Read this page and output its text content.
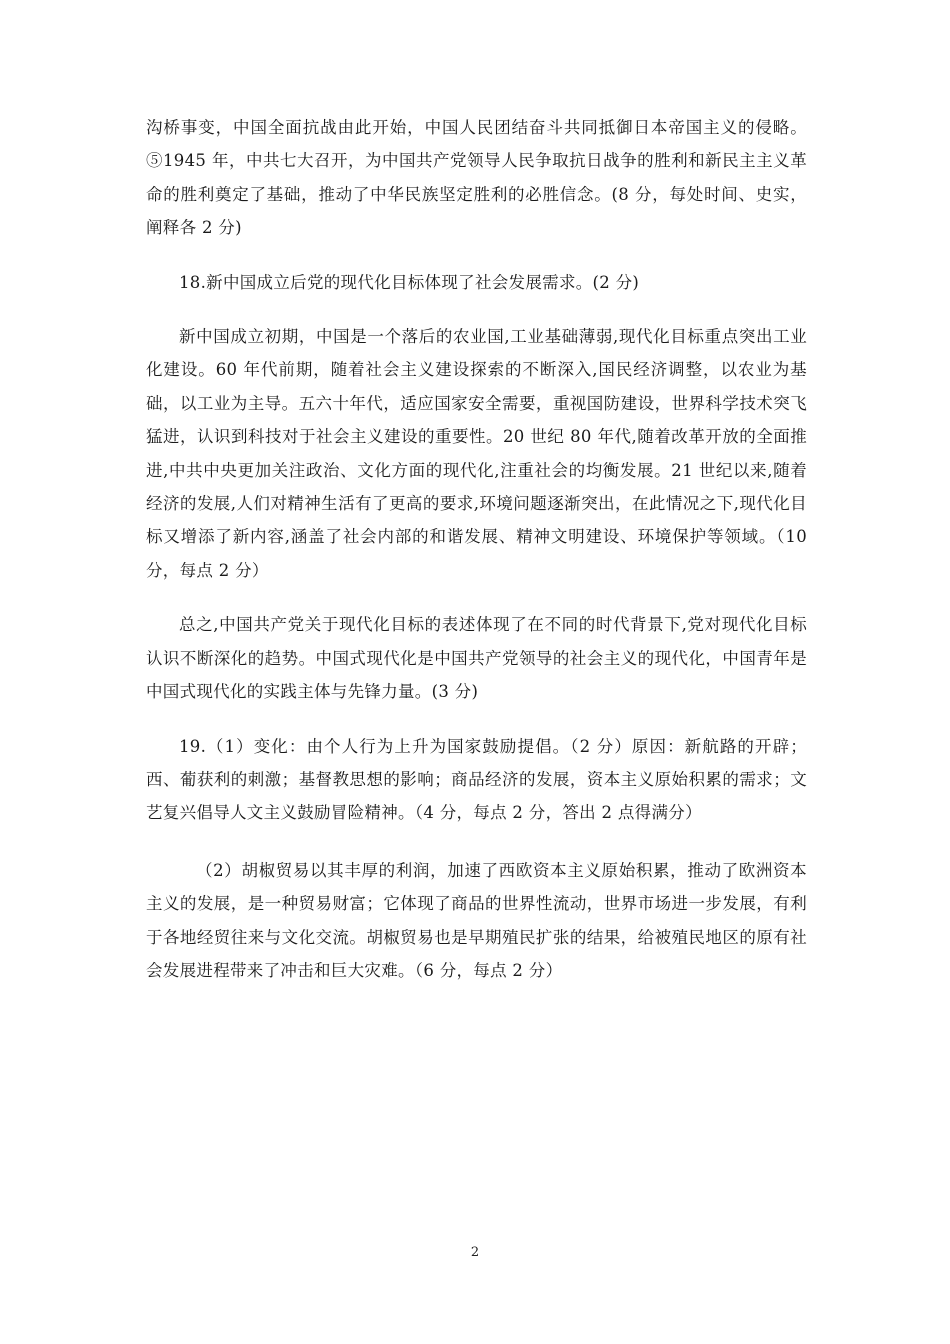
沟桥事变，中国全面抗战由此开始，中国人民团结奋斗共同抵御日本帝国主义的侵略。 ⑤1945 年，中共七大召开，为中国共产党领导人民争取抗日战争的胜利和新民主主义革命的胜利奠定了基础，推动了中华民族坚定胜利的必胜信念。(8 分，每处时间、史实，阐释各 2 分)

18.新中国成立后党的现代化目标体现了社会发展需求。(2 分)

新中国成立初期，中国是一个落后的农业国,工业基础薄弱,现代化目标重点突出工业化建设。60 年代前期，随着社会主义建设探索的不断深入,国民经济调整，以农业为基础，以工业为主导。五六十年代，适应国家安全需要，重视国防建设，世界科学技术突飞猛进，认识到科技对于社会主义建设的重要性。20 世纪 80 年代,随着改革开放的全面推进,中共中央更加关注政治、文化方面的现代化,注重社会的均衡发展。21 世纪以来,随着经济的发展,人们对精神生活有了更高的要求,环境问题逐渐突出，在此情况之下,现代化目标又增添了新内容,涵盖了社会内部的和谐发展、精神文明建设、环境保护等领域。（10 分，每点 2 分）

总之,中国共产党关于现代化目标的表述体现了在不同的时代背景下,党对现代化目标认识不断深化的趋势。中国式现代化是中国共产党领导的社会主义的现代化，中国青年是中国式现代化的实践主体与先锋力量。(3 分)

19.（1）变化：由个人行为上升为国家鼓励提倡。（2 分）原因：新航路的开辟；西、葡获利的刺激；基督教思想的影响；商品经济的发展，资本主义原始积累的需求；文艺复兴倡导人文主义鼓励冒险精神。（4 分，每点 2 分，答出 2 点得满分）

（2）胡椒贸易以其丰厚的利润，加速了西欧资本主义原始积累，推动了欧洲资本主义的发展，是一种贸易财富；它体现了商品的世界性流动，世界市场进一步发展，有利于各地经贸往来与文化交流。胡椒贸易也是早期殖民扩张的结果，给被殖民地区的原有社会发展进程带来了冲击和巨大灾难。（6 分，每点 2 分）

2
